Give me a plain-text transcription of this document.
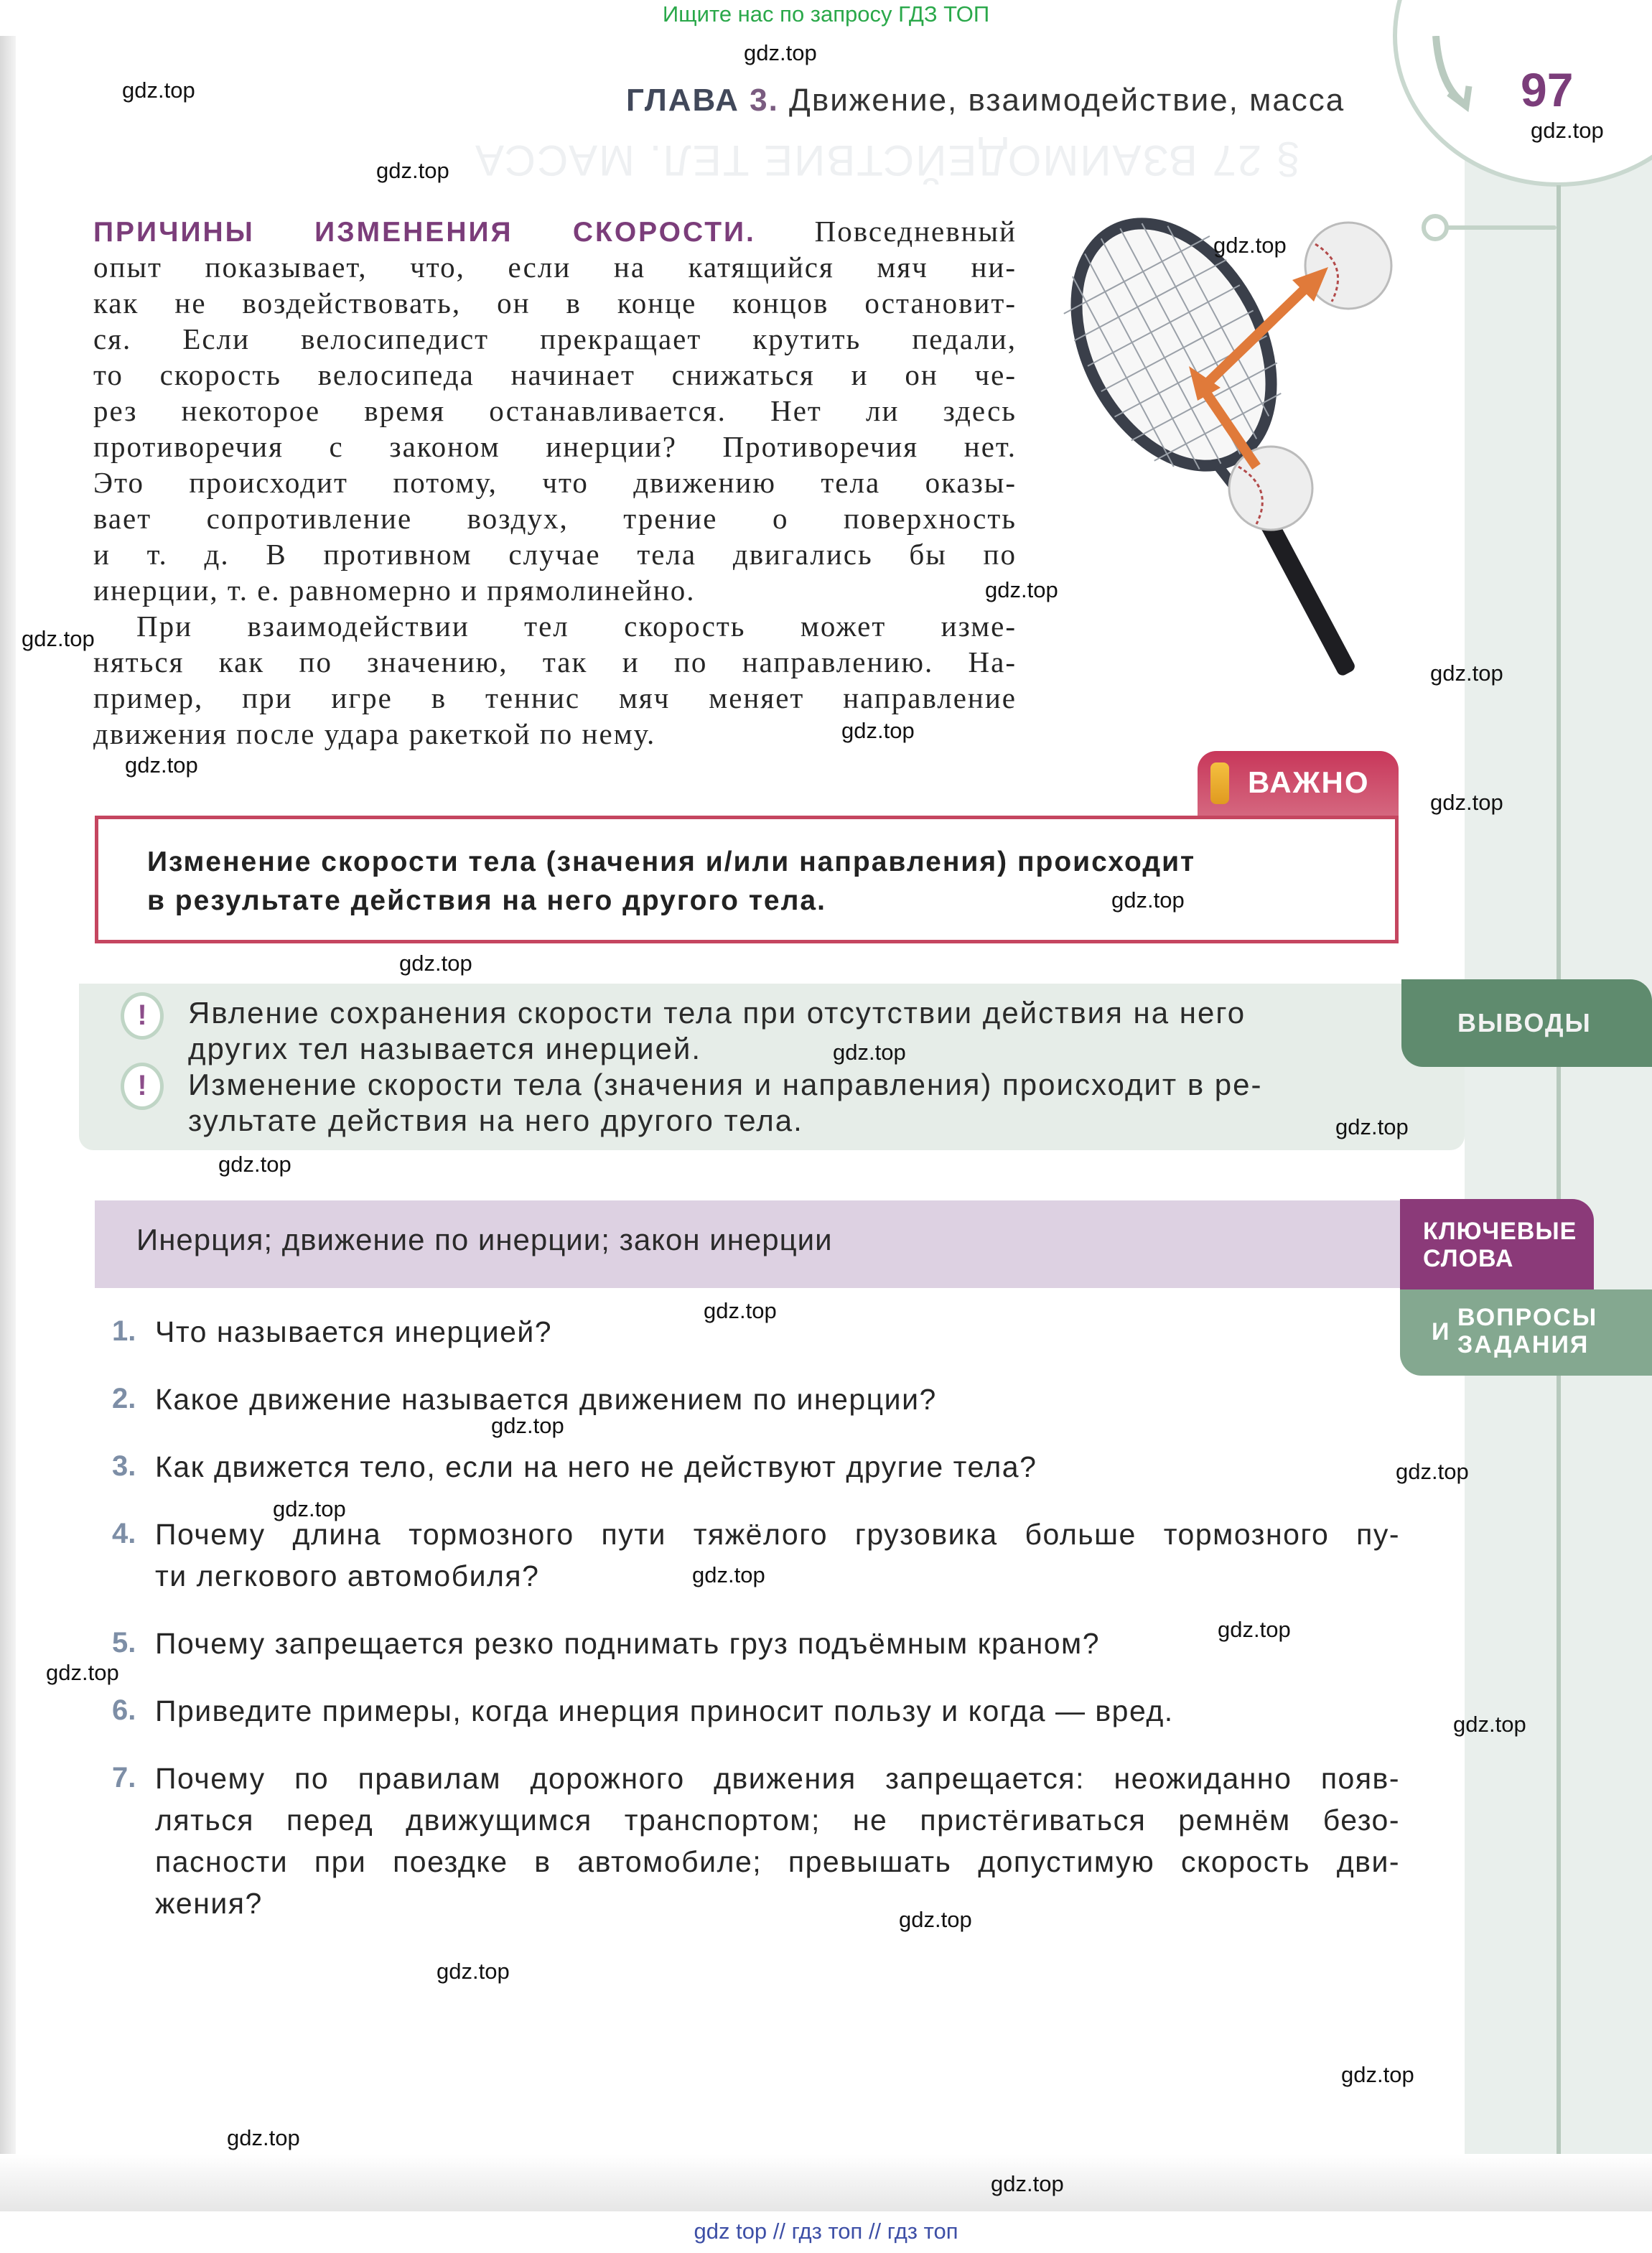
Ищите нас по запросу ГДЗ ТОП
§ 27 ВЗАИМОДЕЙСТВИЕ ТЕЛ. МАССА
ГЛАВА 3. Движение, взаимодействие, масса	97
ПРИЧИНЫ ИЗМЕНЕНИЯ СКОРОСТИ. Повседневный
опыт показывает, что, если на катящийся мяч ни-
как не воздействовать, он в конце концов остановит-
ся. Если велосипедист прекращает крутить педали,
то скорость велосипеда начинает снижаться и он че-
рез некоторое время останавливается. Нет ли здесь
противоречия с законом инерции? Противоречия нет.
Это происходит потому, что движению тела оказы-
вает сопротивление воздух, трение о поверхность
и т. д. В противном случае тела двигались бы по
инерции, т. е. равномерно и прямолинейно.
При взаимодействии тел скорость может изме-
няться как по значению, так и по направлению. На-
пример, при игре в теннис мяч меняет направление
движения после удара ракеткой по нему.
ВАЖНО
Изменение скорости тела (значения и/или направления) происходит
в результате действия на него другого тела.
!	Явление сохранения скорости тела при отсутствии действия на него
других тел называется инерцией.
!	Изменение скорости тела (значения и направления) происходит в ре-
зультате действия на него другого тела.
ВЫВОДЫ
Инерция; движение по инерции; закон инерции	КЛЮЧЕВЫЕ
СЛОВА
И
ВОПРОСЫ
ЗАДАНИЯ
1. Что называется инерцией?
2. Какое движение называется движением по инерции?
3. Как движется тело, если на него не действуют другие тела?
4. Почему длина тормозного пути тяжёлого грузовика больше тормозного пу-
ти легкового автомобиля?
5. Почему запрещается резко поднимать груз подъёмным краном?
6. Приведите примеры, когда инерция приносит пользу и когда — вред.
7. Почему по правилам дорожного движения запрещается: неожиданно появ-
ляться перед движущимся транспортом; не пристёгиваться ремнём безо-
пасности при поездке в автомобиле; превышать допустимую скорость дви-
жения?
gdz top // гдз топ // гдз топ
gdz.top
gdz.top
gdz.top
gdz.top
gdz.top
gdz.top
gdz.top
gdz.top
gdz.top
gdz.top
gdz.top
gdz.top
gdz.top
gdz.top
gdz.top
gdz.top
gdz.top
gdz.top
gdz.top
gdz.top
gdz.top
gdz.top
gdz.top
gdz.top
gdz.top
gdz.top
gdz.top
gdz.top
gdz.top
